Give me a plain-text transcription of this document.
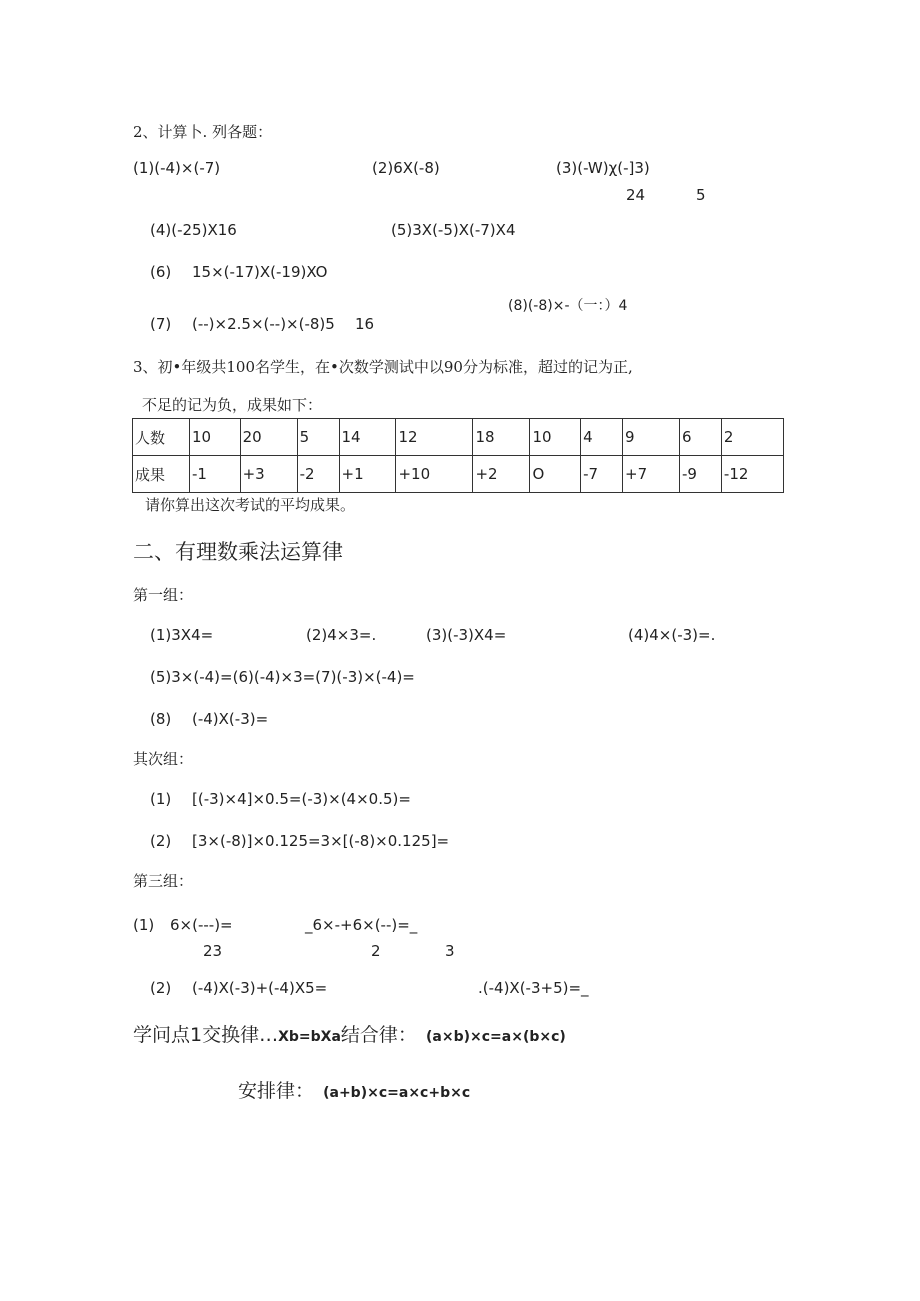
2、计算卜. 列各题：
(1)(-4)×(-7)	(2)6X(-8)	(3)(-W)χ(-]3)
24	5
(4)(-25)X16	(5)3X(-5)X(-7)X4
(6) 15×(-17)X(-19)XO
(8)(-8)×-（一：）4
(7) (--)×2.5×(--)×(-8)5 16
3、初•年级共100名学生，在•次数学测试中以90分为标准，超过的记为正,
不足的记为负，成果如下：
人数	10	20	5	14	12	18	10	4	9	6	2
成果	-1	+3	-2	+1	+10	+2	O	-7	+7	-9	-12
请你算出这次考试的平均成果。
二、有理数乘法运算律
第一组：
(1)3X4=	(2)4×3=.	(3)(-3)X4=	(4)4×(-3)=.
(5)3×(-4)=(6)(-4)×3=(7)(-3)×(-4)=
(8) (-4)X(-3)=
其次组：
(1) [(-3)×4]×0.5=(-3)×(4×0.5)=
(2) [3×(-8)]×0.125=3×[(-8)×0.125]=
第三组：
(1) 6×(---)=	_6×-+6×(--)=_
23	2	3
(2) (-4)X(-3)+(-4)X5=	.(-4)X(-3+5)=_
学问点1交换律…Xb=bXa结合律： (a×b)×c=a×(b×c)
安排律： (a+b)×c=a×c+b×c
